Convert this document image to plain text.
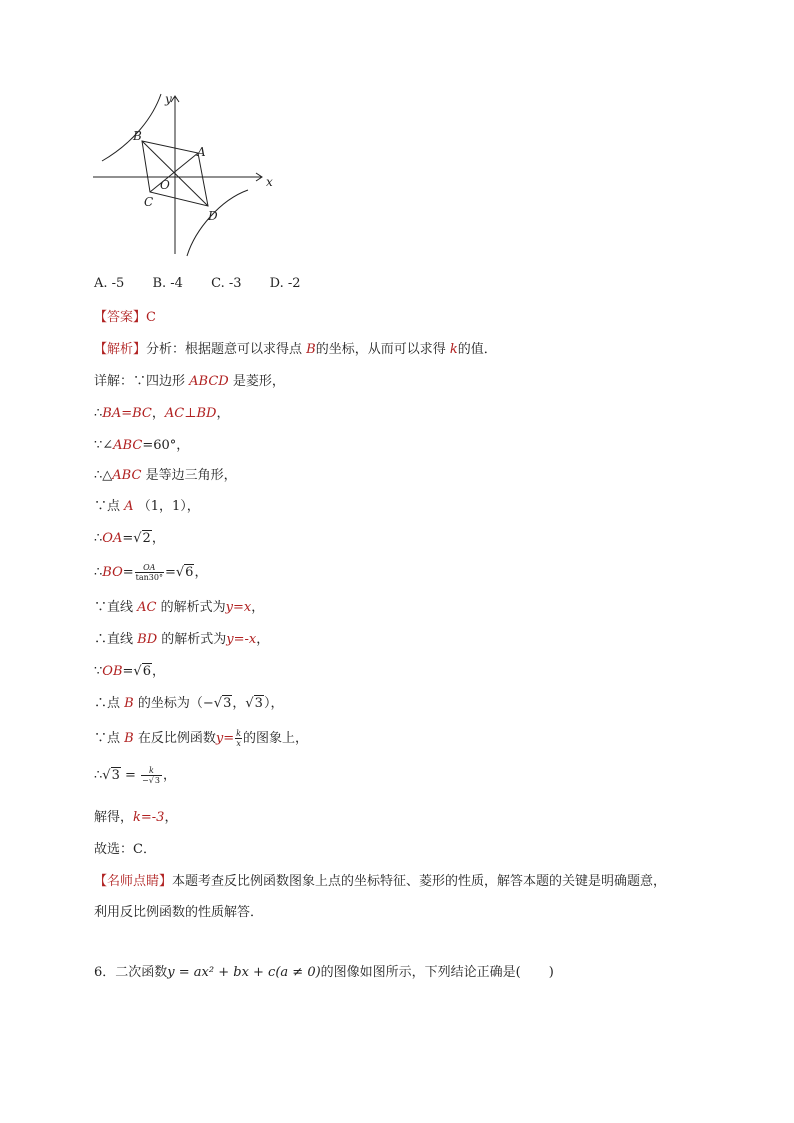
x
y
O
A
B
C
D
A. -5 B. -4 C. -3 D. -2
【答案】C
【解析】分析：根据题意可以求得点 B的坐标，从而可以求得 k的值．
详解：∵四边形 ABCD 是菱形，
∴BA=BC，AC⊥BD，
∵∠ABC=60°，
∴△ABC 是等边三角形，
∵点 A （1，1），
∴OA=√2，
∴BO= $\frac{OA}{\tan 30^\circ} =√6$，
∵直线 AC 的解析式为y=x，
∴直线 BD 的解析式为y=-x，
∵OB=√6，
∴点 B 的坐标为（−√3，√3），
∵点 B 在反比例函数$y= \frac{k}{x}$ 的图象上，
∴√3 = $\frac{k}{-√3}$ ，
解得，k=-3，
故选：C．
【名师点睛】本题考查反比例函数图象上点的坐标特征、菱形的性质，解答本题的关键是明确题意，
利用反比例函数的性质解答．
6．二次函数y = ax² + bx + c(a ≠ 0)的图像如图所示，下列结论正确是( )
